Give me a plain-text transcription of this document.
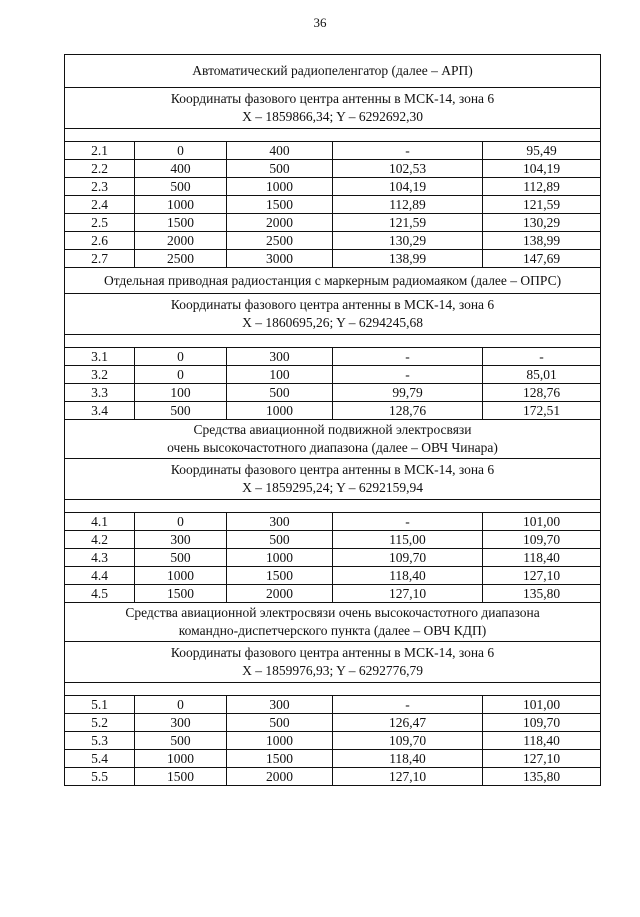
36
Автоматический радиопеленгатор (далее – АРП)				

Координаты фазового центра антенны в МСК-14, зона 6
X – 1859866,34; Y – 6292692,30				

2.1	0	400	-	95,49
2.2	400	500	102,53	104,19
2.3	500	1000	104,19	112,89
2.4	1000	1500	112,89	121,59
2.5	1500	2000	121,59	130,29
2.6	2000	2500	130,29	138,99
2.7	2500	3000	138,99	147,69

Отдельная приводная радиостанция с маркерным радиомаяком (далее – ОПРС)				

Координаты фазового центра антенны в МСК-14, зона 6
X – 1860695,26; Y – 6294245,68				

3.1	0	300	-	-
3.2	0	100	-	85,01
3.3	100	500	99,79	128,76
3.4	500	1000	128,76	172,51

Средства авиационной подвижной электросвязи
очень высокочастотного диапазона (далее – ОВЧ Чинара)				

Координаты фазового центра антенны в МСК-14, зона 6
X – 1859295,24; Y – 6292159,94				

4.1	0	300	-	101,00
4.2	300	500	115,00	109,70
4.3	500	1000	109,70	118,40
4.4	1000	1500	118,40	127,10
4.5	1500	2000	127,10	135,80

Средства авиационной электросвязи очень высокочастотного диапазона
командно-диспетчерского пункта (далее – ОВЧ КДП)				

Координаты фазового центра антенны в МСК-14, зона 6
X – 1859976,93; Y – 6292776,79				

5.1	0	300	-	101,00
5.2	300	500	126,47	109,70
5.3	500	1000	109,70	118,40
5.4	1000	1500	118,40	127,10
5.5	1500	2000	127,10	135,80
